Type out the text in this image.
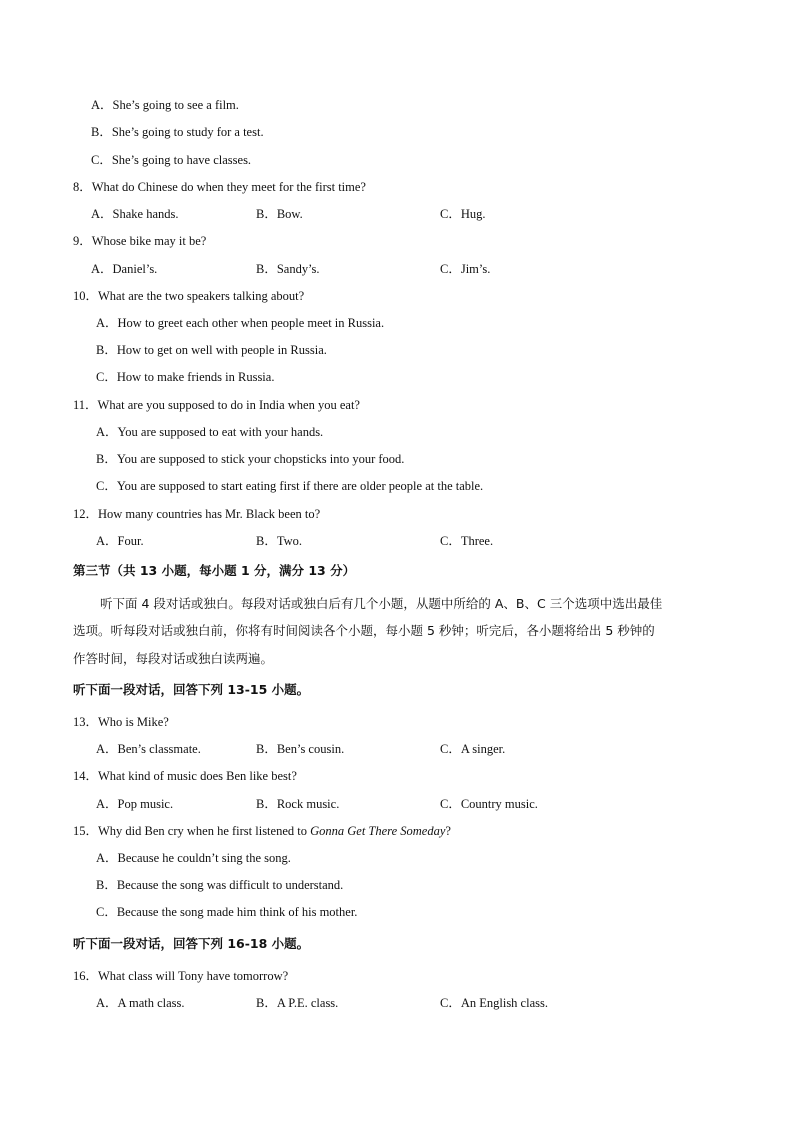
A．She’s going to see a film.
B．She’s going to study for a test.
C．She’s going to have classes.
8．What do Chinese do when they meet for the first time?
A．Shake hands.	B．Bow.	C．Hug.
9．Whose bike may it be?
A．Daniel’s.	B．Sandy’s.	C．Jim’s.
10．What are the two speakers talking about?
A．How to greet each other when people meet in Russia.
B．How to get on well with people in Russia.
C．How to make friends in Russia.
11．What are you supposed to do in India when you eat?
A．You are supposed to eat with your hands.
B．You are supposed to stick your chopsticks into your food.
C．You are supposed to start eating first if there are older people at the table.
12．How many countries has Mr. Black been to?
A．Four.	B．Two.	C．Three.
第三节（共 13 小题，每小题 1 分，满分 13 分）
听下面 4 段对话或独白。每段对话或独白后有几个小题，从题中所给的 A、B、C 三个选项中选出最佳
选项。听每段对话或独白前，你将有时间阅读各个小题，每小题 5 秒钟；听完后，各小题将给出 5 秒钟的
作答时间，每段对话或独白读两遍。
听下面一段对话，回答下列 13-15 小题。
13．Who is Mike?
A．Ben’s classmate.	B．Ben’s cousin.	C．A singer.
14．What kind of music does Ben like best?
A．Pop music.	B．Rock music.	C．Country music.
15．Why did Ben cry when he first listened to Gonna Get There Someday?
A．Because he couldn’t sing the song.
B．Because the song was difficult to understand.
C．Because the song made him think of his mother.
听下面一段对话，回答下列 16-18 小题。
16．What class will Tony have tomorrow?
A．A math class.	B．A P.E. class.	C．An English class.
